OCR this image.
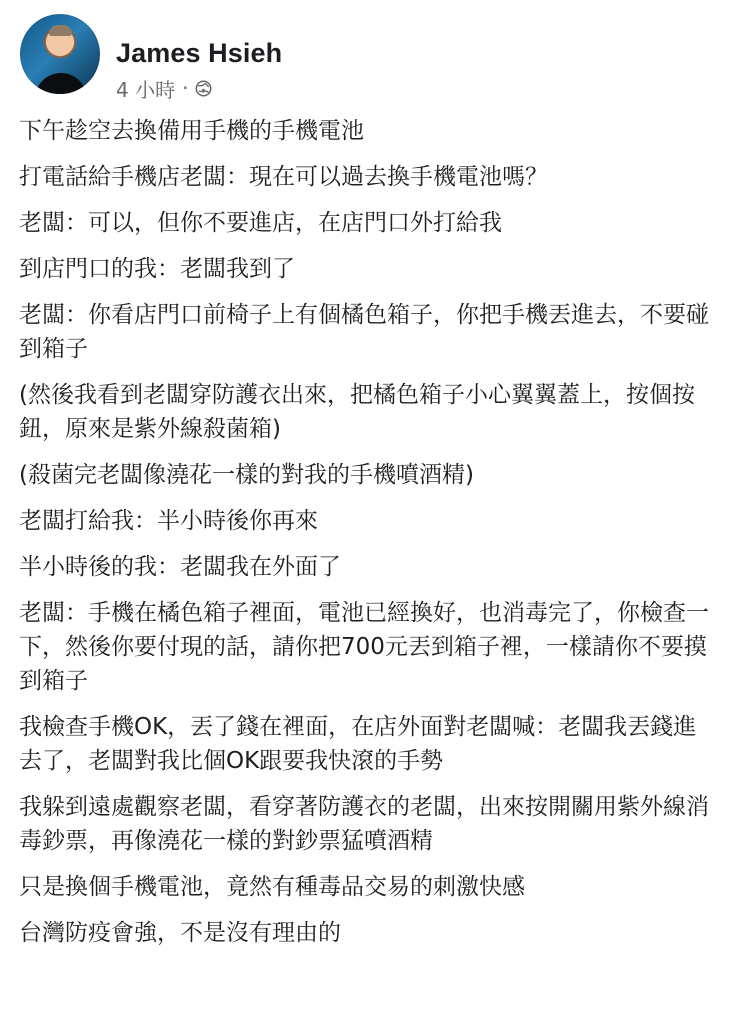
James Hsieh
4 小時 ·

下午趁空去換備用手機的手機電池

打電話給手機店老闆：現在可以過去換手機電池嗎？

老闆：可以，但你不要進店，在店門口外打給我

到店門口的我：老闆我到了

老闆：你看店門口前椅子上有個橘色箱子，你把手機丟進去，不要碰到箱子

(然後我看到老闆穿防護衣出來，把橘色箱子小心翼翼蓋上，按個按鈕，原來是紫外線殺菌箱)

(殺菌完老闆像澆花一樣的對我的手機噴酒精)

老闆打給我：半小時後你再來

半小時後的我：老闆我在外面了

老闆：手機在橘色箱子裡面，電池已經換好，也消毒完了，你檢查一下，然後你要付現的話，請你把700元丟到箱子裡，一樣請你不要摸到箱子

我檢查手機OK，丟了錢在裡面，在店外面對老闆喊：老闆我丟錢進去了，老闆對我比個OK跟要我快滾的手勢

我躲到遠處觀察老闆，看穿著防護衣的老闆，出來按開關用紫外線消毒鈔票，再像澆花一樣的對鈔票猛噴酒精

只是換個手機電池，竟然有種毒品交易的刺激快感

台灣防疫會強，不是沒有理由的
